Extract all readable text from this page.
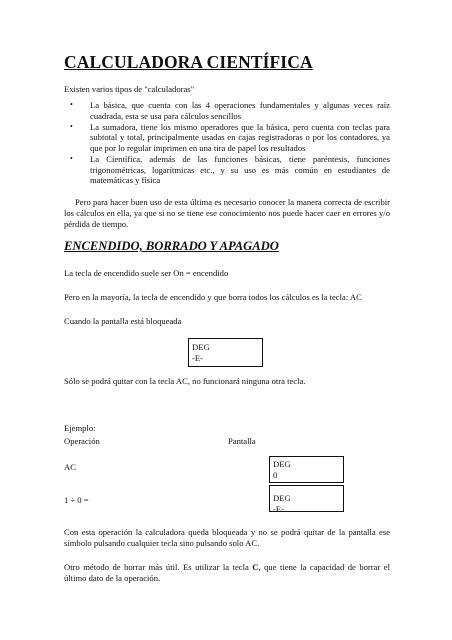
CALCULADORA CIENTÍFICA
Existen varios tipos de "calculadoras"
• La básica, que cuenta con las 4 operaciones fundamentales y algunas veces raíz cuadrada, esta se usa para cálculos sencillos
• La sumadora, tiene los mismo operadores que la básica, pero cuenta con teclas para subtotal y total, principalmente usadas en cajas registradoras o por los contadores, ya que por lo regular imprimen en una tira de papel los resultados
• La Científica, además de las funciones básicas, tiene paréntesis, funciones trigonométricas, logarítmicas etc., y su uso es más común en estudiantes de matemáticas y física
Pero para hacer buen uso de esta última es necesario conocer la manera correcta de escribir los cálculos en ella, ya que si no se tiene ese conocimiento nos puede hacer caer en errores y/o pérdida de tiempo.
ENCENDIDO, BORRADO Y APAGADO
La tecla de encendido suele ser On = encendido
Pero en la mayoría, la tecla de encendido y que borra todos los cálculos es la tecla: AC
Cuando la pantalla está bloqueada
DEG
-E-
Sólo se podrá quitar con la tecla AC, no funcionará ninguna otra tecla.
Ejemplo:
Operación	Pantalla
AC	DEG
0
1 ÷ 0 =	DEG
-E-
Con esta operación la calculadora queda bloqueada y no se podrá quitar de la pantalla ese símbolo pulsando cualquier tecla sino pulsando solo AC.
Otro método de borrar más útil. Es utilizar la tecla C, que tiene la capacidad de borrar el último dato de la operación.
